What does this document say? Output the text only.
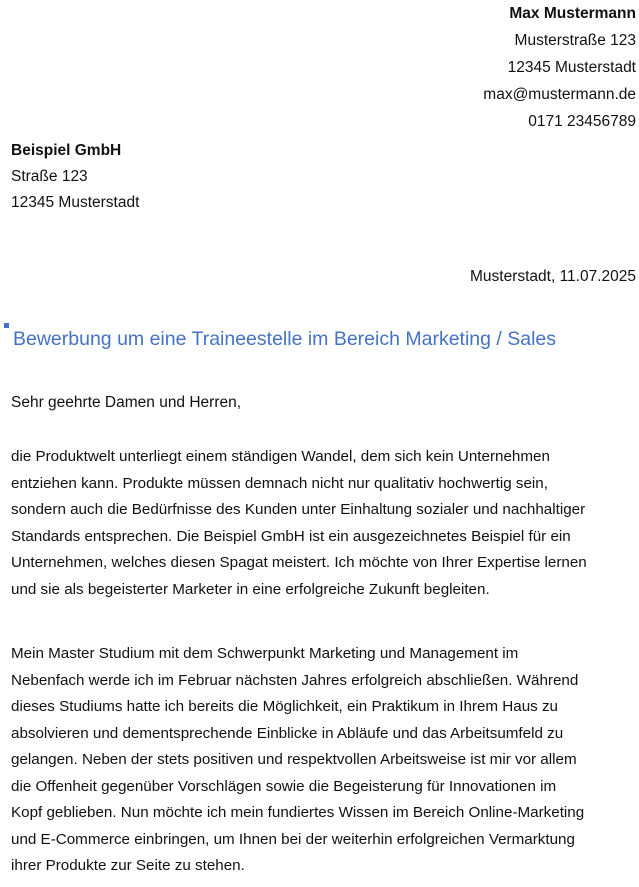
Max Mustermann
Musterstraße 123
12345 Musterstadt
max@mustermann.de
0171 23456789
Beispiel GmbH
Straße 123
12345 Musterstadt
Musterstadt, 11.07.2025
Bewerbung um eine Traineestelle im Bereich Marketing / Sales
Sehr geehrte Damen und Herren,

die Produktwelt unterliegt einem ständigen Wandel, dem sich kein Unternehmen
entziehen kann. Produkte müssen demnach nicht nur qualitativ hochwertig sein,
sondern auch die Bedürfnisse des Kunden unter Einhaltung sozialer und nachhaltiger
Standards entsprechen. Die Beispiel GmbH ist ein ausgezeichnetes Beispiel für ein
Unternehmen, welches diesen Spagat meistert. Ich möchte von Ihrer Expertise lernen
und sie als begeisterter Marketer in eine erfolgreiche Zukunft begleiten.

Mein Master Studium mit dem Schwerpunkt Marketing und Management im
Nebenfach werde ich im Februar nächsten Jahres erfolgreich abschließen. Während
dieses Studiums hatte ich bereits die Möglichkeit, ein Praktikum in Ihrem Haus zu
absolvieren und dementsprechende Einblicke in Abläufe und das Arbeitsumfeld zu
gelangen. Neben der stets positiven und respektvollen Arbeitsweise ist mir vor allem
die Offenheit gegenüber Vorschlägen sowie die Begeisterung für Innovationen im
Kopf geblieben. Nun möchte ich mein fundiertes Wissen im Bereich Online-Marketing
und E-Commerce einbringen, um Ihnen bei der weiterhin erfolgreichen Vermarktung
ihrer Produkte zur Seite zu stehen.
